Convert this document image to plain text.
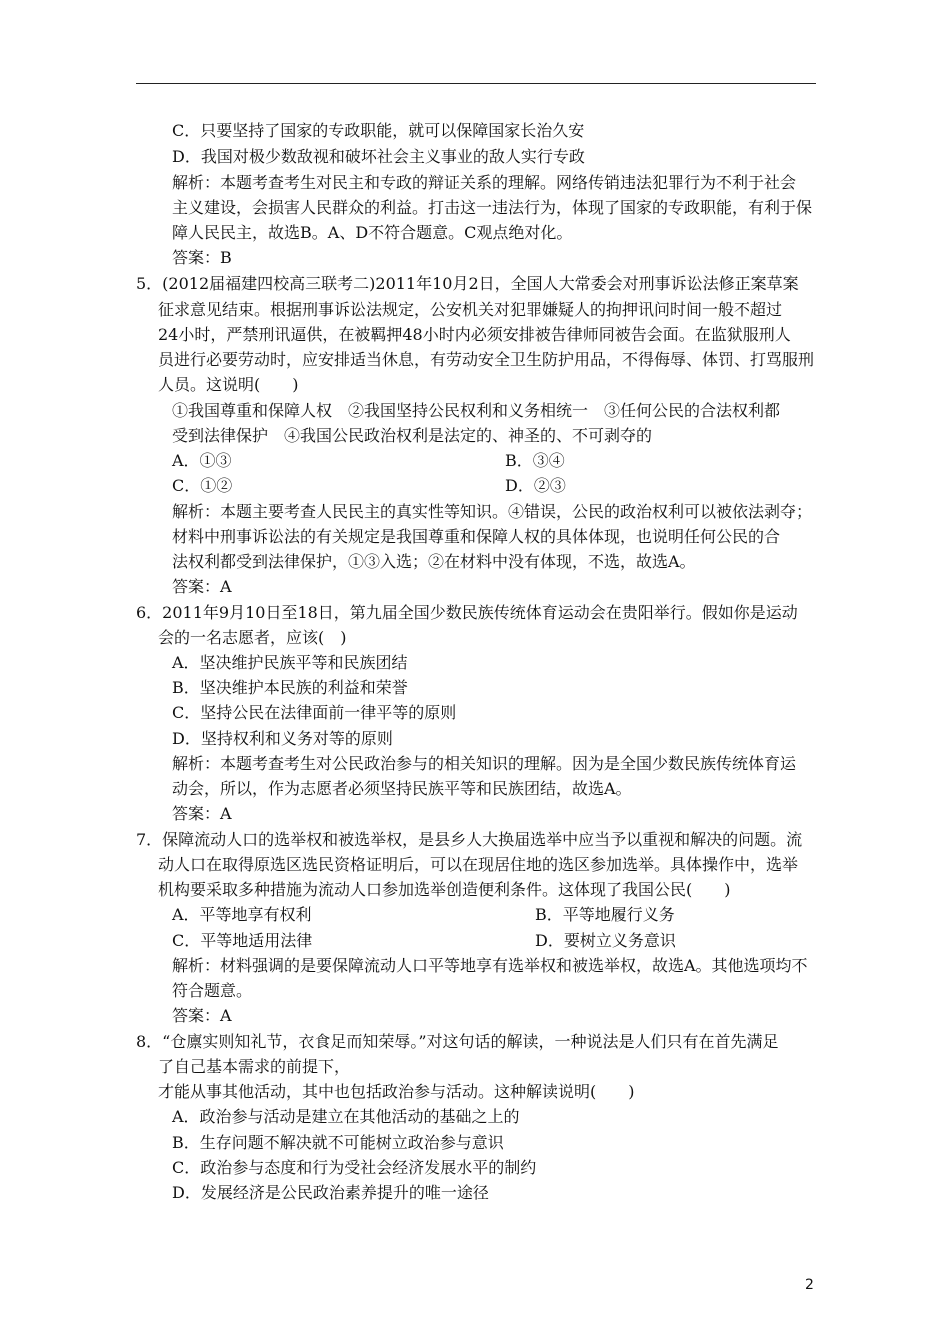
C．只要坚持了国家的专政职能，就可以保障国家长治久安
D．我国对极少数敌视和破坏社会主义事业的敌人实行专政
解析：本题考查考生对民主和专政的辩证关系的理解。网络传销违法犯罪行为不利于社会
主义建设，会损害人民群众的利益。打击这一违法行为，体现了国家的专政职能，有利于保
障人民民主，故选B。A、D不符合题意。C观点绝对化。
答案：B
5．(2012届福建四校高三联考二)2011年10月2日，全国人大常委会对刑事诉讼法修正案草案
征求意见结束。根据刑事诉讼法规定，公安机关对犯罪嫌疑人的拘押讯问时间一般不超过
24小时，严禁刑讯逼供，在被羁押48小时内必须安排被告律师同被告会面。在监狱服刑人
员进行必要劳动时，应安排适当休息，有劳动安全卫生防护用品，不得侮辱、体罚、打骂服刑
人员。这说明(　　)
①我国尊重和保障人权　②我国坚持公民权利和义务相统一　③任何公民的合法权利都
受到法律保护　④我国公民政治权利是法定的、神圣的、不可剥夺的
A．①③	B．③④
C．①②	D．②③
解析：本题主要考查人民民主的真实性等知识。④错误，公民的政治权利可以被依法剥夺；
材料中刑事诉讼法的有关规定是我国尊重和保障人权的具体体现，也说明任何公民的合
法权利都受到法律保护，①③入选；②在材料中没有体现，不选，故选A。
答案：A
6．2011年9月10日至18日，第九届全国少数民族传统体育运动会在贵阳举行。假如你是运动
会的一名志愿者，应该(　)
A．坚决维护民族平等和民族团结
B．坚决维护本民族的利益和荣誉
C．坚持公民在法律面前一律平等的原则
D．坚持权利和义务对等的原则
解析：本题考查考生对公民政治参与的相关知识的理解。因为是全国少数民族传统体育运
动会，所以，作为志愿者必须坚持民族平等和民族团结，故选A。
答案：A
7．保障流动人口的选举权和被选举权，是县乡人大换届选举中应当予以重视和解决的问题。流
动人口在取得原选区选民资格证明后，可以在现居住地的选区参加选举。具体操作中，选举
机构要采取多种措施为流动人口参加选举创造便利条件。这体现了我国公民(　　)
A．平等地享有权利	B．平等地履行义务
C．平等地适用法律	D．要树立义务意识
解析：材料强调的是要保障流动人口平等地享有选举权和被选举权，故选A。其他选项均不
符合题意。
答案：A
8．“仓廪实则知礼节，衣食足而知荣辱。”对这句话的解读，一种说法是人们只有在首先满足
了自己基本需求的前提下，
才能从事其他活动，其中也包括政治参与活动。这种解读说明(　　)
A．政治参与活动是建立在其他活动的基础之上的
B．生存问题不解决就不可能树立政治参与意识
C．政治参与态度和行为受社会经济发展水平的制约
D．发展经济是公民政治素养提升的唯一途径
2
